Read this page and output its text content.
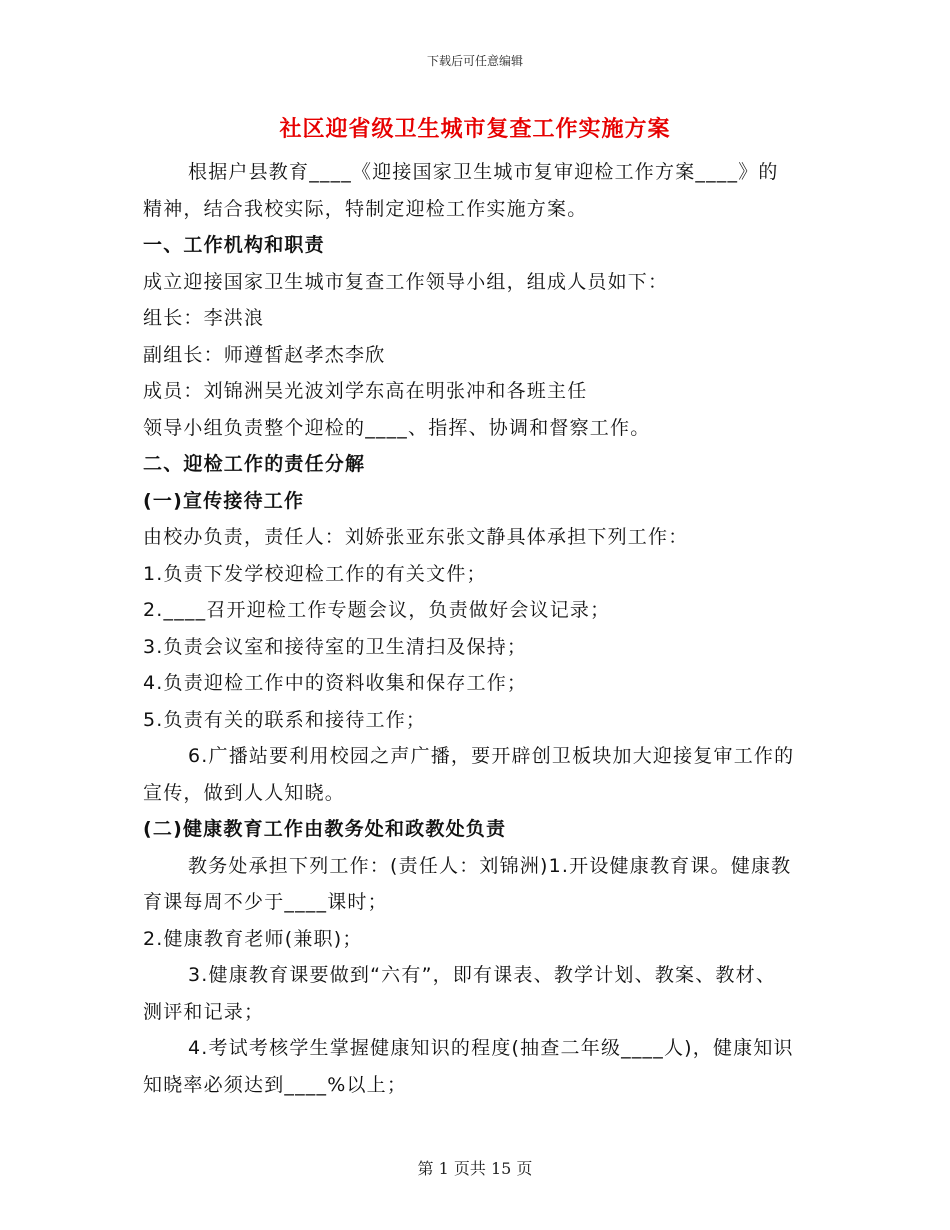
下载后可任意编辑
社区迎省级卫生城市复查工作实施方案

根据户县教育____《迎接国家卫生城市复审迎检工作方案____》的精神，结合我校实际，特制定迎检工作实施方案。

一、工作机构和职责

成立迎接国家卫生城市复查工作领导小组，组成人员如下：

组长：李洪浪

副组长：师遵皙赵孝杰李欣

成员：刘锦洲吴光波刘学东高在明张冲和各班主任

领导小组负责整个迎检的____、指挥、协调和督察工作。

二、迎检工作的责任分解

(一)宣传接待工作

由校办负责，责任人：刘娇张亚东张文静具体承担下列工作：

1.负责下发学校迎检工作的有关文件；

2.____召开迎检工作专题会议，负责做好会议记录；

3.负责会议室和接待室的卫生清扫及保持；

4.负责迎检工作中的资料收集和保存工作；

5.负责有关的联系和接待工作；

6.广播站要利用校园之声广播，要开辟创卫板块加大迎接复审工作的宣传，做到人人知晓。

(二)健康教育工作由教务处和政教处负责

教务处承担下列工作：(责任人：刘锦洲)1.开设健康教育课。健康教育课每周不少于____课时；

2.健康教育老师(兼职)；

3.健康教育课要做到“六有”，即有课表、教学计划、教案、教材、测评和记录；

4.考试考核学生掌握健康知识的程度(抽查二年级____人)，健康知识知晓率必须达到____%以上；

第 1 页共 15 页
